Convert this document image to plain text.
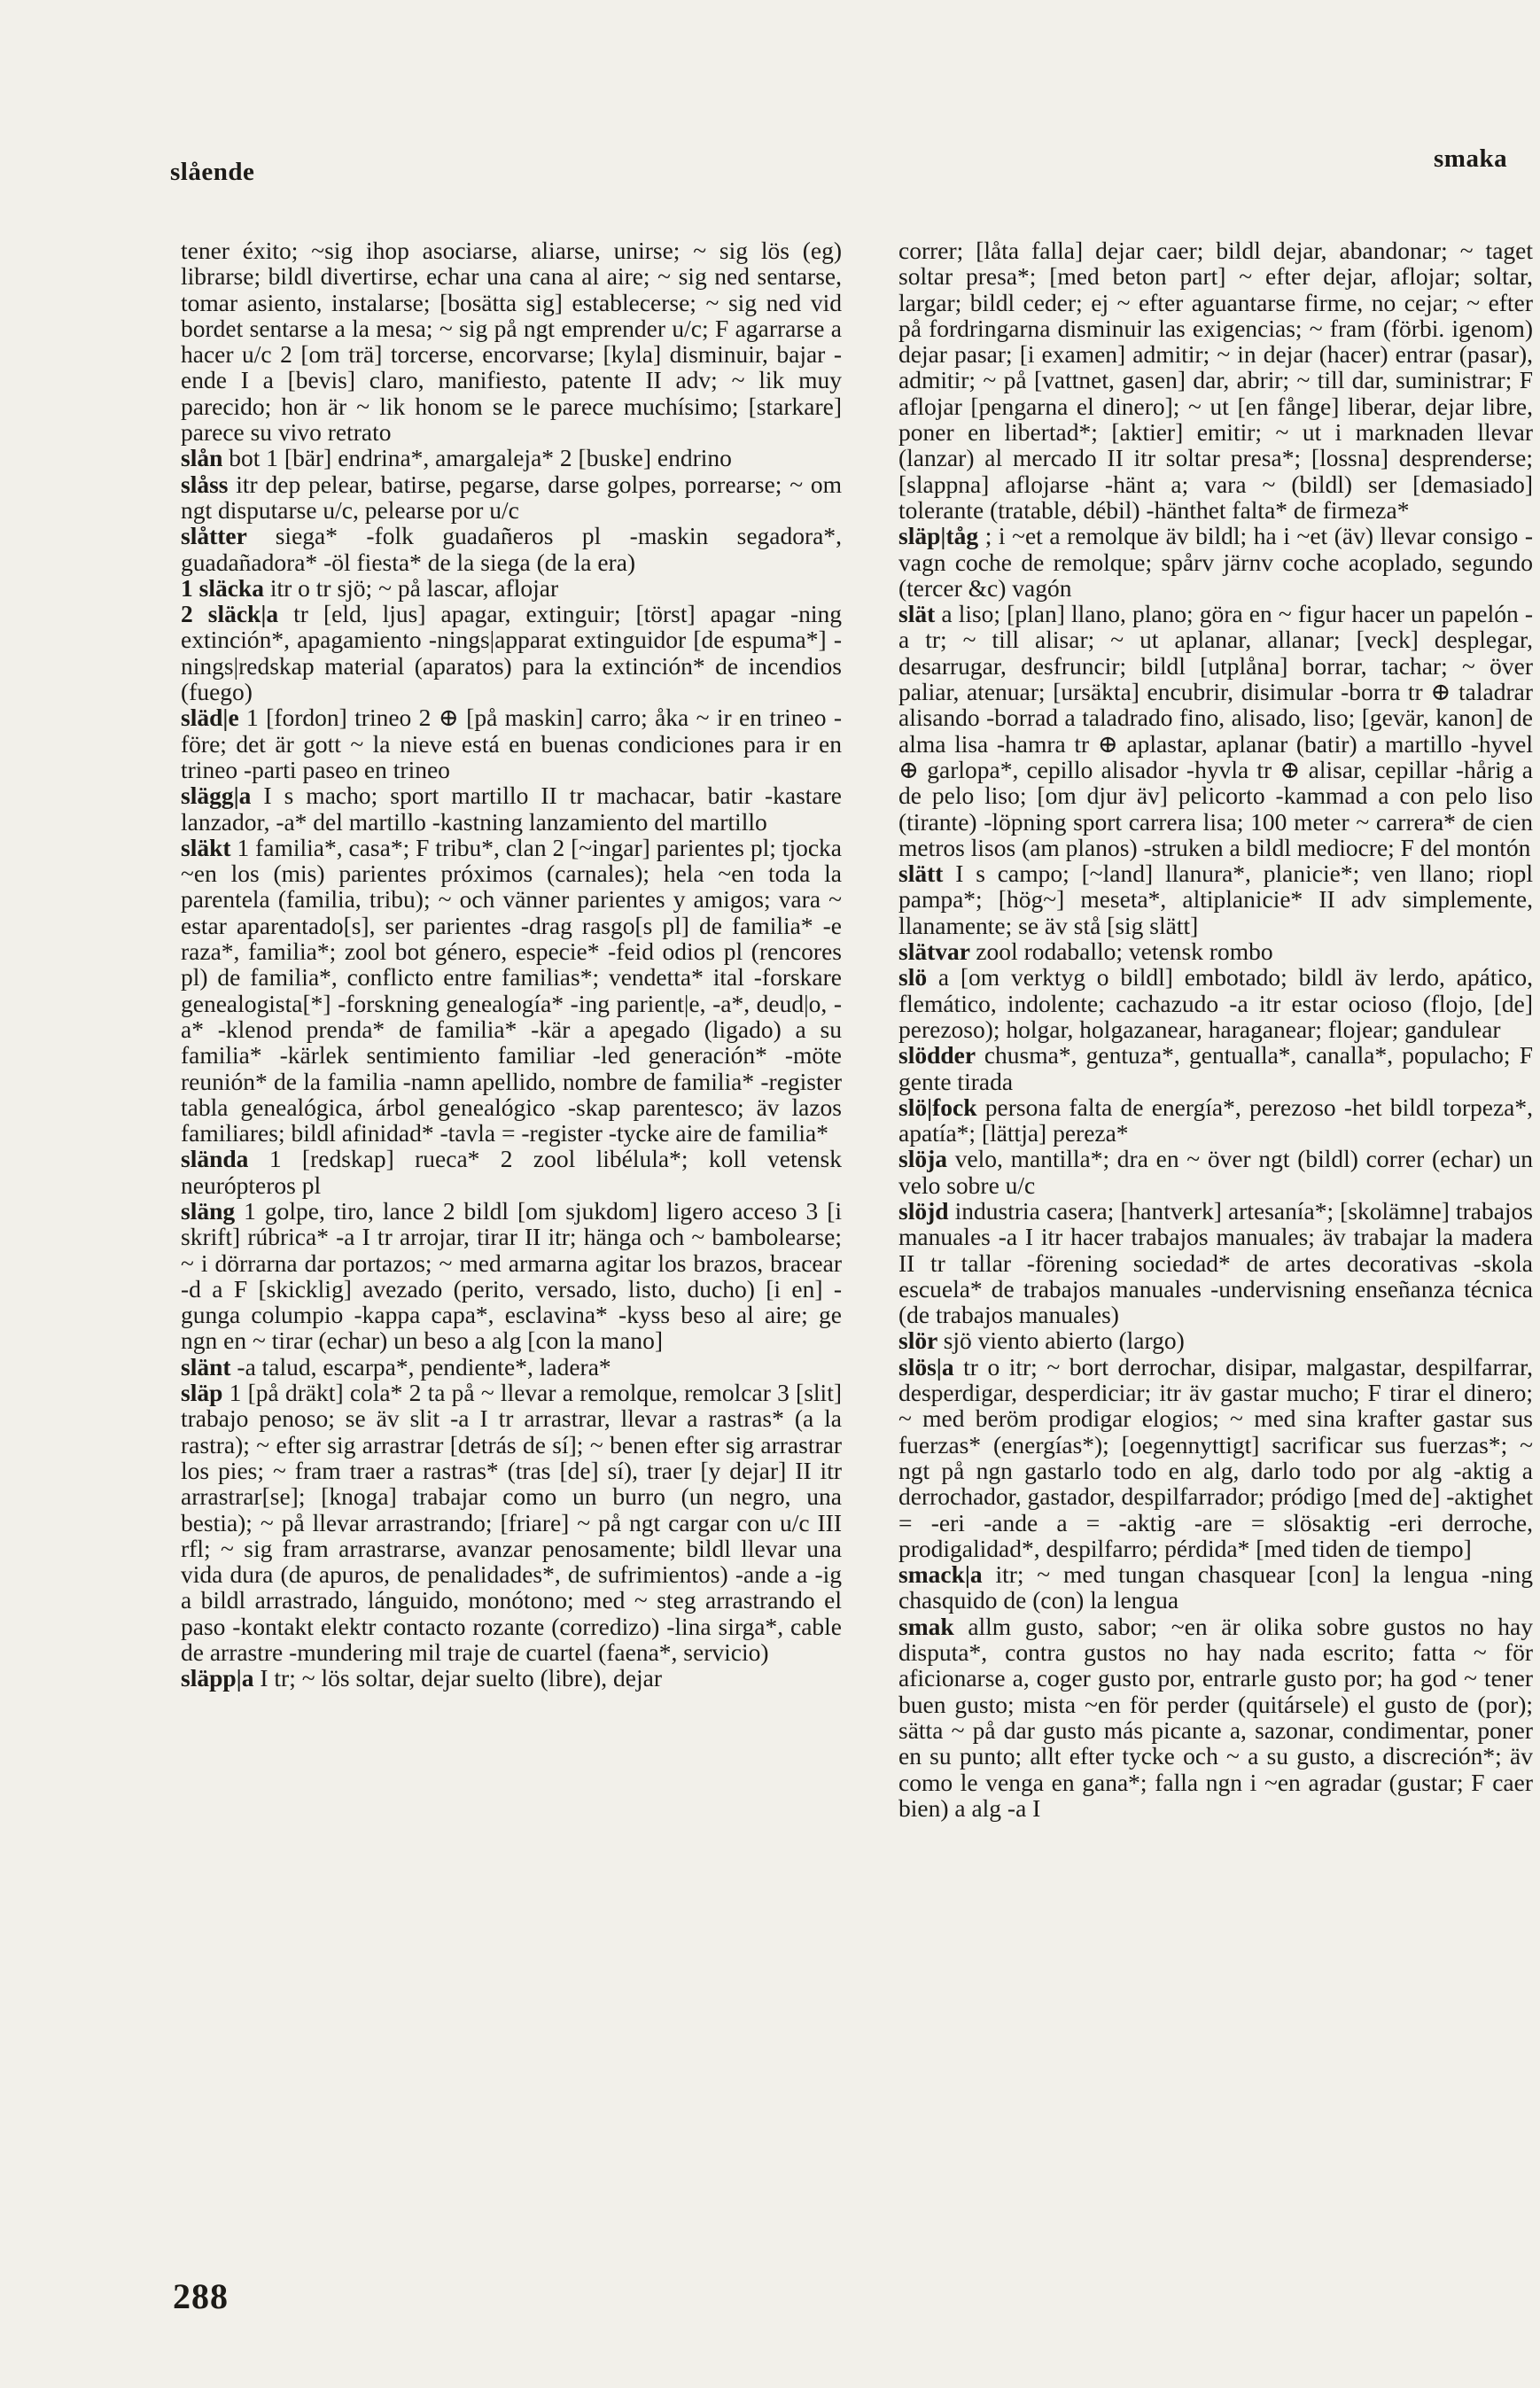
slående	smaka

tener éxito; ~sig ihop asociarse, aliarse, unirse; ~ sig lös (eg) librarse; bildl divertirse, echar una cana al aire; ~ sig ned sentarse, tomar asiento, instalarse; [bosätta sig] establecerse; ~ sig ned vid bordet sentarse a la mesa; ~ sig på ngt emprender u/c; F agarrarse a hacer u/c 2 [om trä] torcerse, encorvarse; [kyla] disminuir, bajar -ende I a [bevis] claro, manifiesto, patente II adv; ~ lik muy parecido; hon är ~ lik honom se le parece muchísimo; [starkare] parece su vivo retrato

slån bot 1 [bär] endrina*, amargaleja* 2 [buske] endrino

slåss itr dep pelear, batirse, pegarse, darse golpes, porrearse; ~ om ngt disputarse u/c, pelearse por u/c

slåtter siega* -folk guadañeros pl -maskin segadora*, guadañadora* -öl fiesta* de la siega (de la era)

1 släcka itr o tr sjö; ~ på lascar, aflojar

2 släck|a tr [eld, ljus] apagar, extinguir; [törst] apagar -ning extinción*, apagamiento -nings|apparat extinguidor [de espuma*] -nings|redskap material (aparatos) para la extinción* de incendios (fuego)

släd|e 1 [fordon] trineo 2 ⊕ [på maskin] carro; åka ~ ir en trineo -före; det är gott ~ la nieve está en buenas condiciones para ir en trineo -parti paseo en trineo

slägg|a I s macho; sport martillo II tr machacar, batir -kastare lanzador, -a* del martillo -kastning lanzamiento del martillo

släkt 1 familia*, casa*; F tribu*, clan 2 [~ingar] parientes pl; tjocka ~en los (mis) parientes próximos (carnales); hela ~en toda la parentela (familia, tribu); ~ och vänner parientes y amigos; vara ~ estar aparentado[s], ser parientes -drag rasgo[s pl] de familia* -e raza*, familia*; zool bot género, especie* -feid odios pl (rencores pl) de familia*, conflicto entre familias*; vendetta* ital -forskare genealogista[*] -forskning genealogía* -ing parient|e, -a*, deud|o, -a* -klenod prenda* de familia* -kär a apegado (ligado) a su familia* -kärlek sentimiento familiar -led generación* -möte reunión* de la familia -namn apellido, nombre de familia* -register tabla genealógica, árbol genealógico -skap parentesco; äv lazos familiares; bildl afinidad* -tavla = -register -tycke aire de familia*

slända 1 [redskap] rueca* 2 zool libélula*; koll vetensk neurópteros pl

släng 1 golpe, tiro, lance 2 bildl [om sjukdom] ligero acceso 3 [i skrift] rúbrica* -a I tr arrojar, tirar II itr; hänga och ~ bambolearse; ~ i dörrarna dar portazos; ~ med armarna agitar los brazos, bracear -d a F [skicklig] avezado (perito, versado, listo, ducho) [i en] -gunga columpio -kappa capa*, esclavina* -kyss beso al aire; ge ngn en ~ tirar (echar) un beso a alg [con la mano]

slänt -a talud, escarpa*, pendiente*, ladera*

släp 1 [på dräkt] cola* 2 ta på ~ llevar a remolque, remolcar 3 [slit] trabajo penoso; se äv slit -a I tr arrastrar, llevar a rastras* (a la rastra); ~ efter sig arrastrar [detrás de sí]; ~ benen efter sig arrastrar los pies; ~ fram traer a rastras* (tras [de] sí), traer [y dejar] II itr arrastrar[se]; [knoga] trabajar como un burro (un negro, una bestia); ~ på llevar arrastrando; [friare] ~ på ngt cargar con u/c III rfl; ~ sig fram arrastrarse, avanzar penosamente; bildl llevar una vida dura (de apuros, de penalidades*, de sufrimientos) -ande a -ig a bildl arrastrado, lánguido, monótono; med ~ steg arrastrando el paso -kontakt elektr contacto rozante (corredizo) -lina sirga*, cable de arrastre -mundering mil traje de cuartel (faena*, servicio)

släpp|a I tr; ~ lös soltar, dejar suelto (libre), dejar

correr; [låta falla] dejar caer; bildl dejar, abandonar; ~ taget soltar presa*; [med beton part] ~ efter dejar, aflojar; soltar, largar; bildl ceder; ej ~ efter aguantarse firme, no cejar; ~ efter på fordringarna disminuir las exigencias; ~ fram (förbi. igenom) dejar pasar; [i examen] admitir; ~ in dejar (hacer) entrar (pasar), admitir; ~ på [vattnet, gasen] dar, abrir; ~ till dar, suministrar; F aflojar [pengarna el dinero]; ~ ut [en fånge] liberar, dejar libre, poner en libertad*; [aktier] emitir; ~ ut i marknaden llevar (lanzar) al mercado II itr soltar presa*; [lossna] desprenderse; [slappna] aflojarse -hänt a; vara ~ (bildl) ser [demasiado] tolerante (tratable, débil) -hänthet falta* de firmeza*

släp|tåg ; i ~et a remolque äv bildl; ha i ~et (äv) llevar consigo -vagn coche de remolque; spårv järnv coche acoplado, segundo (tercer &c) vagón

slät a liso; [plan] llano, plano; göra en ~ figur hacer un papelón -a tr; ~ till alisar; ~ ut aplanar, allanar; [veck] desplegar, desarrugar, desfruncir; bildl [utplåna] borrar, tachar; ~ över paliar, atenuar; [ursäkta] encubrir, disimular -borra tr ⊕ taladrar alisando -borrad a taladrado fino, alisado, liso; [gevär, kanon] de alma lisa -hamra tr ⊕ aplastar, aplanar (batir) a martillo -hyvel ⊕ garlopa*, cepillo alisador -hyvla tr ⊕ alisar, cepillar -hårig a de pelo liso; [om djur äv] pelicorto -kammad a con pelo liso (tirante) -löpning sport carrera lisa; 100 meter ~ carrera* de cien metros lisos (am planos) -struken a bildl mediocre; F del montón

slätt I s campo; [~land] llanura*, planicie*; ven llano; riopl pampa*; [hög~] meseta*, altiplanicie* II adv simplemente, llanamente; se äv stå [sig slätt]

slätvar zool rodaballo; vetensk rombo

slö a [om verktyg o bildl] embotado; bildl äv lerdo, apático, flemático, indolente; cachazudo -a itr estar ocioso (flojo, [de] perezoso); holgar, holgazanear, haraganear; flojear; gandulear

slödder chusma*, gentuza*, gentualla*, canalla*, populacho; F gente tirada

slö|fock persona falta de energía*, perezoso -het bildl torpeza*, apatía*; [lättja] pereza*

slöja velo, mantilla*; dra en ~ över ngt (bildl) correr (echar) un velo sobre u/c

slöjd industria casera; [hantverk] artesanía*; [skolämne] trabajos manuales -a I itr hacer trabajos manuales; äv trabajar la madera II tr tallar -förening sociedad* de artes decorativas -skola escuela* de trabajos manuales -undervisning enseñanza técnica (de trabajos manuales)

slör sjö viento abierto (largo)

slös|a tr o itr; ~ bort derrochar, disipar, malgastar, despilfarrar, desperdigar, desperdiciar; itr äv gastar mucho; F tirar el dinero; ~ med beröm prodigar elogios; ~ med sina krafter gastar sus fuerzas* (energías*); [oegennyttigt] sacrificar sus fuerzas*; ~ ngt på ngn gastarlo todo en alg, darlo todo por alg -aktig a derrochador, gastador, despilfarrador; pródigo [med de] -aktighet = -eri -ande a = -aktig -are = slösaktig -eri derroche, prodigalidad*, despilfarro; pérdida* [med tiden de tiempo]

smack|a itr; ~ med tungan chasquear [con] la lengua -ning chasquido de (con) la lengua

smak allm gusto, sabor; ~en är olika sobre gustos no hay disputa*, contra gustos no hay nada escrito; fatta ~ för aficionarse a, coger gusto por, entrarle gusto por; ha god ~ tener buen gusto; mista ~en för perder (quitársele) el gusto de (por); sätta ~ på dar gusto más picante a, sazonar, condimentar, poner en su punto; allt efter tycke och ~ a su gusto, a discreción*; äv como le venga en gana*; falla ngn i ~en agradar (gustar; F caer bien) a alg -a I

288
